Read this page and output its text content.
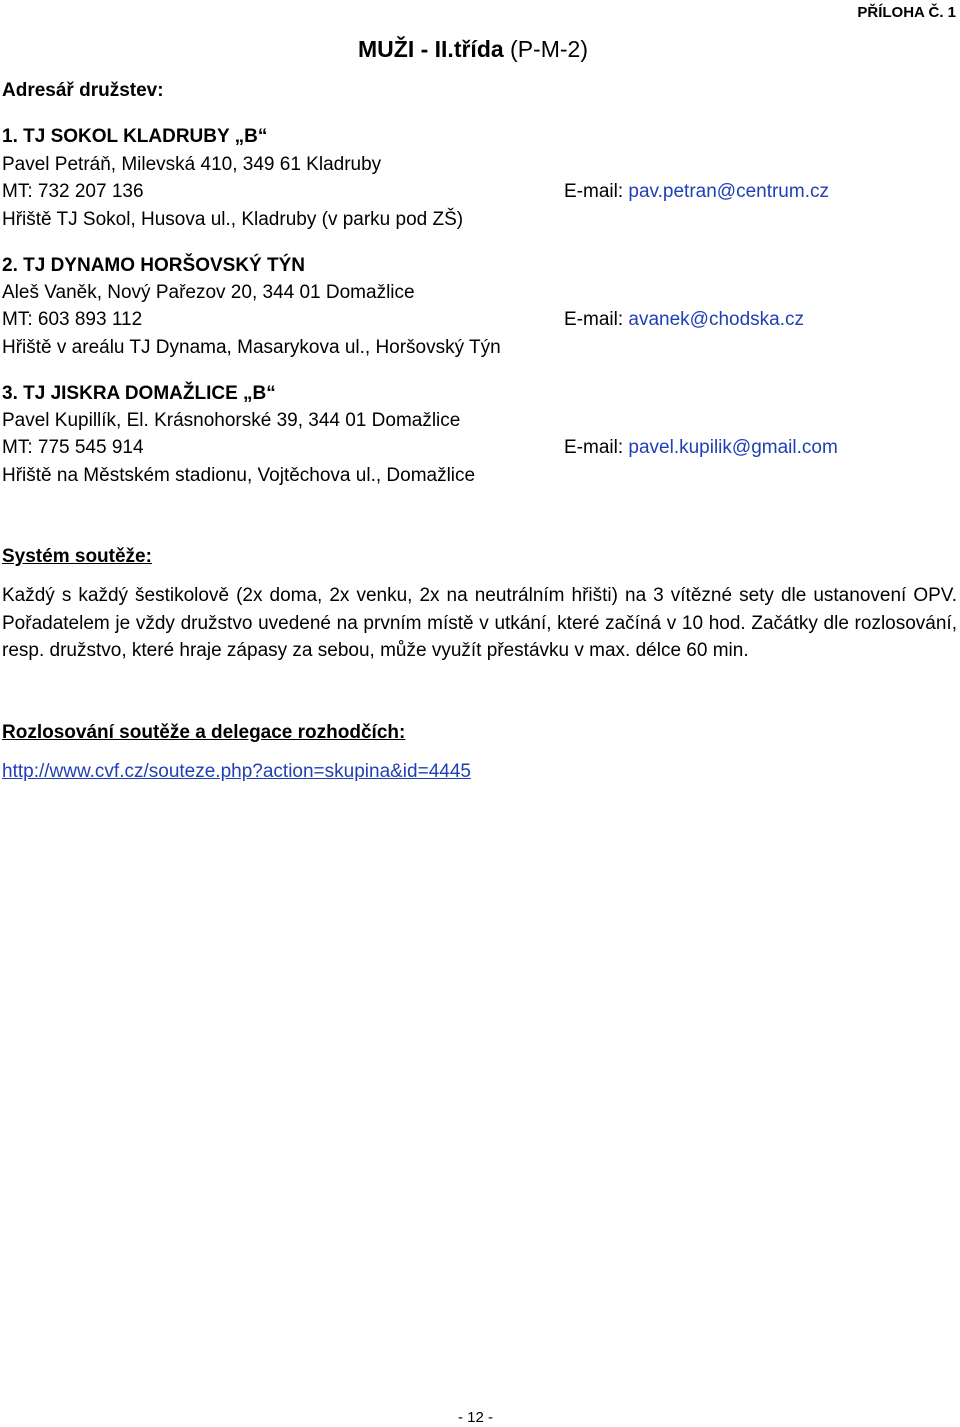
PŘÍLOHA Č. 1
MUŽI - II.třída (P-M-2)
Adresář družstev:
1. TJ SOKOL KLADRUBY „B“
Pavel Petráň, Milevská 410, 349 61 Kladruby
MT: 732 207 136	E-mail: pav.petran@centrum.cz
Hřiště TJ Sokol, Husova ul., Kladruby (v parku pod ZŠ)
2. TJ DYNAMO HORŠOVSKÝ TÝN
Aleš Vaněk, Nový Pařezov 20, 344 01 Domažlice
MT: 603 893 112	E-mail: avanek@chodska.cz
Hřiště v areálu TJ Dynama, Masarykova ul., Horšovský Týn
3. TJ JISKRA DOMAŽLICE „B“
Pavel Kupillík, El. Krásnohorské 39, 344 01 Domažlice
MT: 775 545 914	E-mail: pavel.kupilik@gmail.com
Hřiště na Městském stadionu, Vojtěchova ul., Domažlice
Systém soutěže:
Každý s každý šestikolově (2x doma, 2x venku, 2x na neutrálním hřišti) na 3 vítězné sety dle ustanovení OPV. Pořadatelem je vždy družstvo uvedené na prvním místě v utkání, které začíná v 10 hod. Začátky dle rozlosování, resp. družstvo, které hraje zápasy za sebou, může využít přestávku v max. délce 60 min.
Rozlosování soutěže a delegace rozhodčích:
http://www.cvf.cz/souteze.php?action=skupina&id=4445
- 12 -
